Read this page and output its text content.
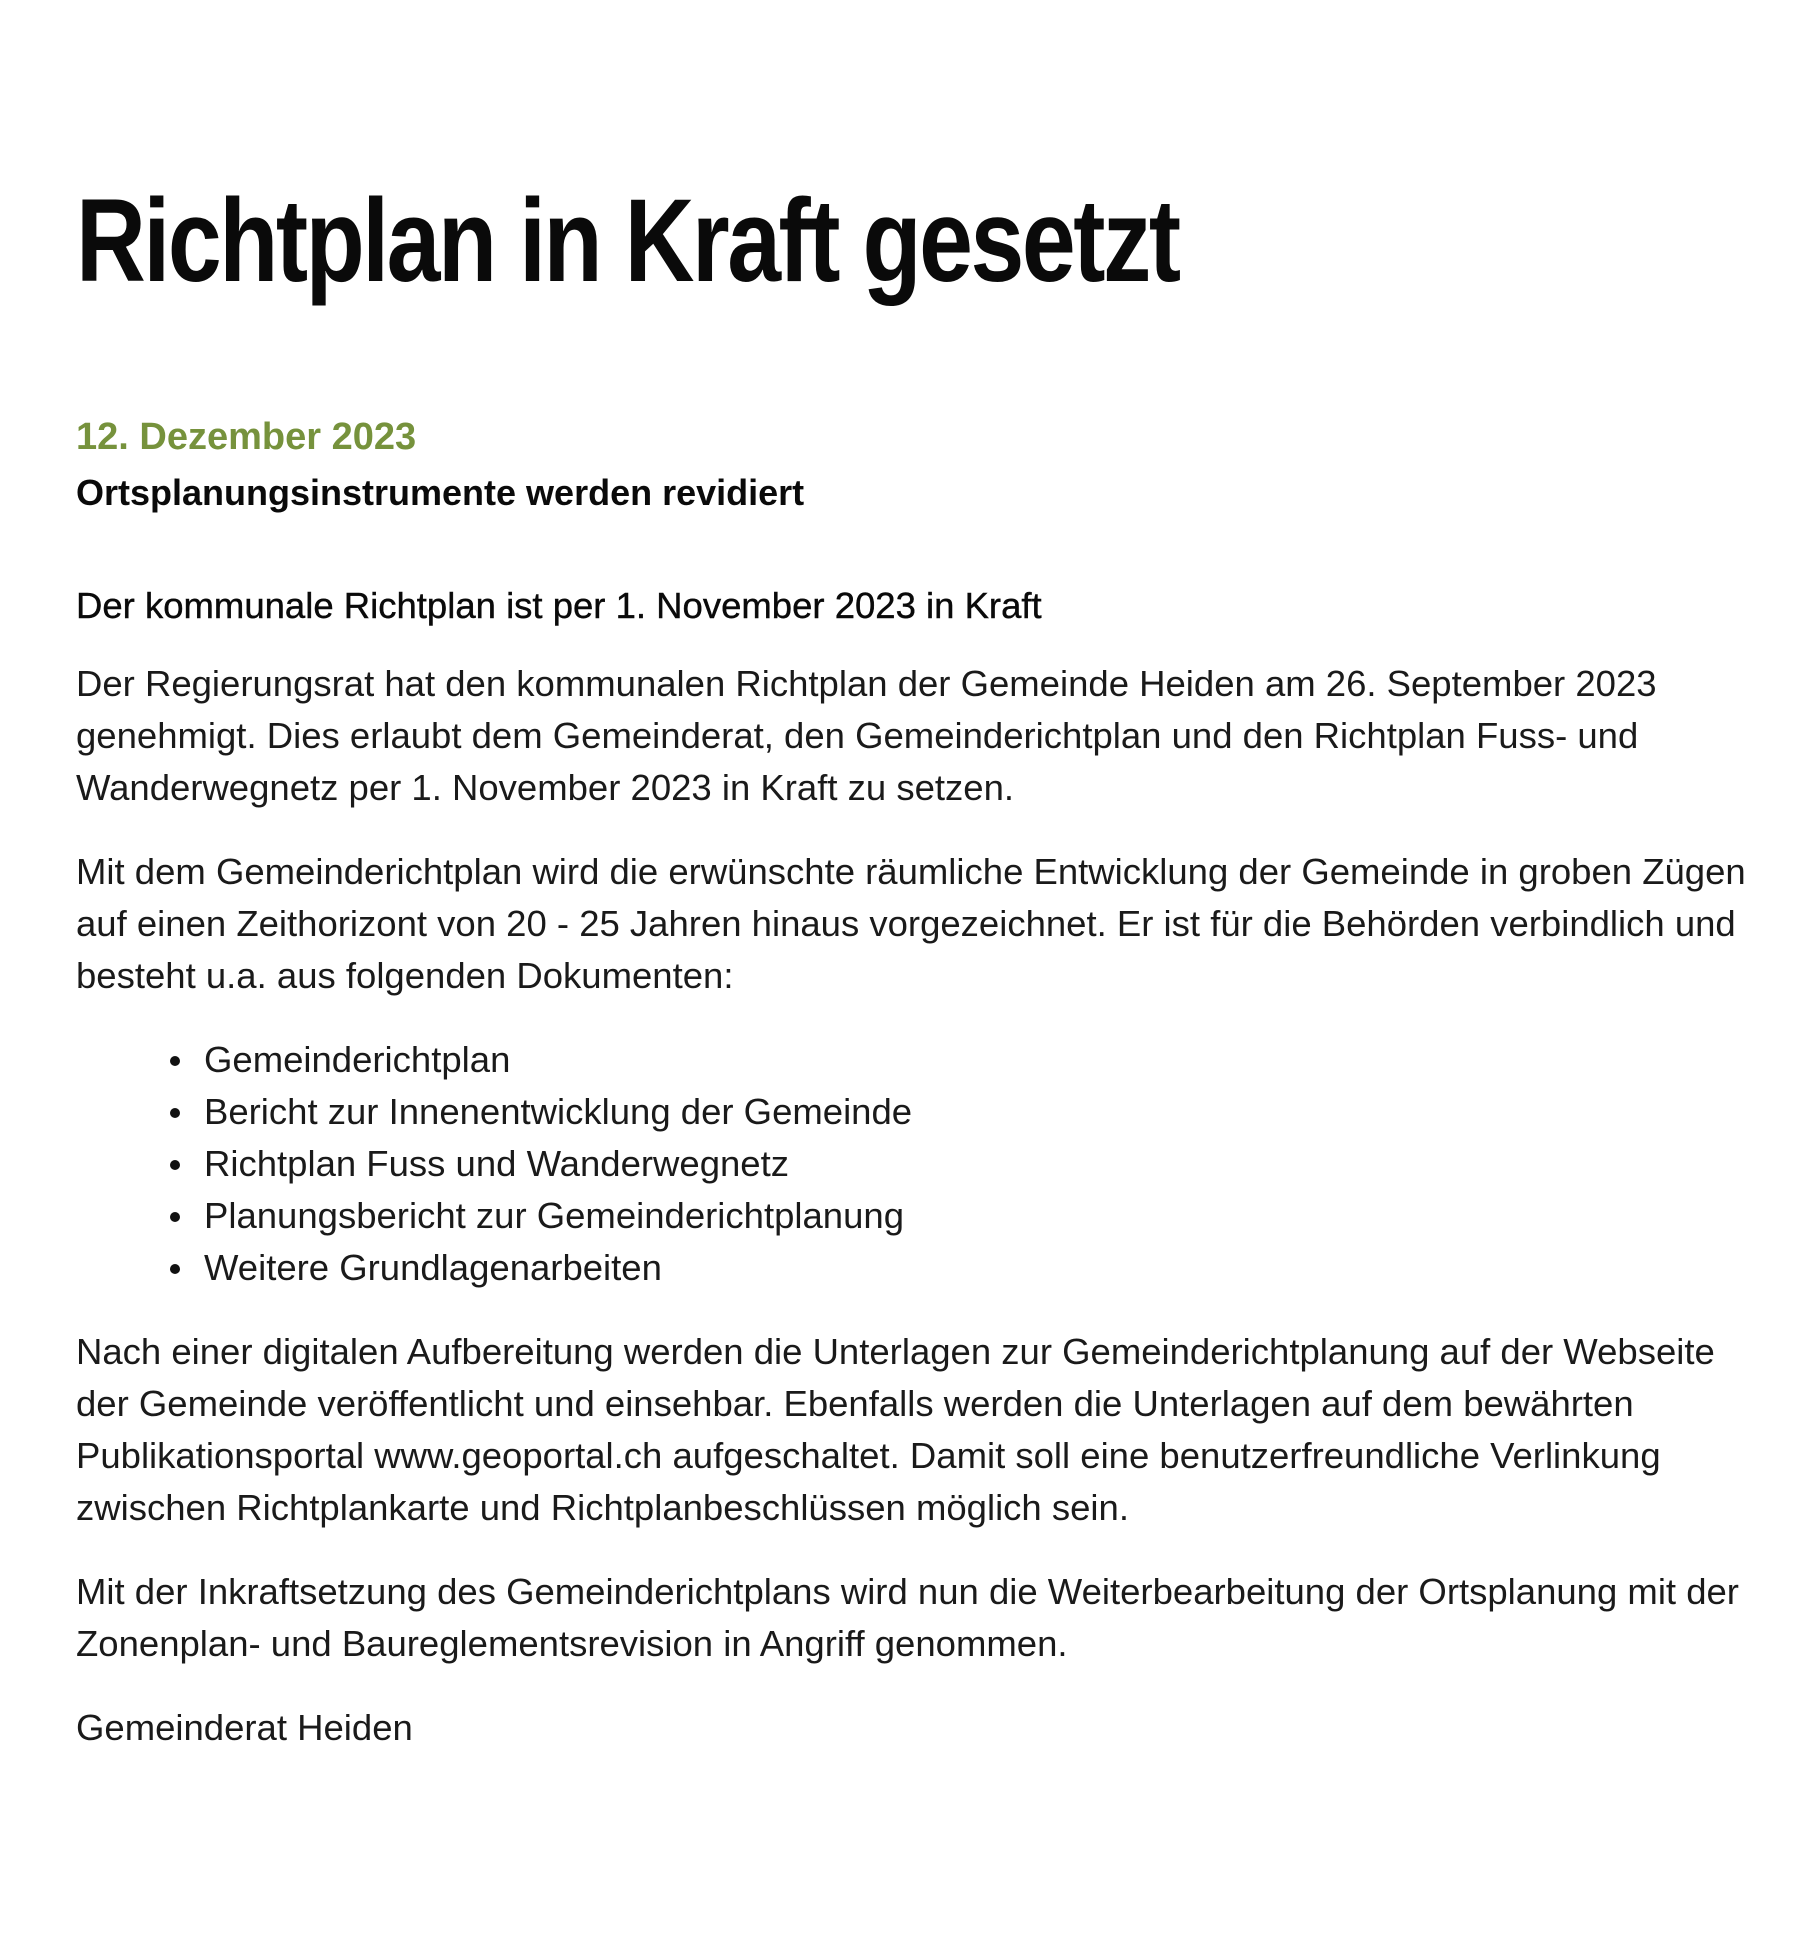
Richtplan in Kraft gesetzt

12. Dezember 2023

Ortsplanungsinstrumente werden revidiert

Der kommunale Richtplan ist per 1. November 2023 in Kraft

Der Regierungsrat hat den kommunalen Richtplan der Gemeinde Heiden am 26. September 2023 genehmigt. Dies erlaubt dem Gemeinderat, den Gemeinderichtplan und den Richtplan Fuss- und Wanderwegnetz per 1. November 2023 in Kraft zu setzen.

Mit dem Gemeinderichtplan wird die erwünschte räumliche Entwicklung der Gemeinde in groben Zügen auf einen Zeithorizont von 20 - 25 Jahren hinaus vorgezeichnet. Er ist für die Behörden verbindlich und besteht u.a. aus folgenden Dokumenten:

Gemeinderichtplan
Bericht zur Innenentwicklung der Gemeinde
Richtplan Fuss und Wanderwegnetz
Planungsbericht zur Gemeinderichtplanung
Weitere Grundlagenarbeiten

Nach einer digitalen Aufbereitung werden die Unterlagen zur Gemeinderichtplanung auf der Webseite der Gemeinde veröffentlicht und einsehbar. Ebenfalls werden die Unterlagen auf dem bewährten Publikationsportal www.geoportal.ch aufgeschaltet. Damit soll eine benutzerfreundliche Verlinkung zwischen Richtplankarte und Richtplanbeschlüssen möglich sein.

Mit der Inkraftsetzung des Gemeinderichtplans wird nun die Weiterbearbeitung der Ortsplanung mit der Zonenplan- und Baureglementsrevision in Angriff genommen.

Gemeinderat Heiden
